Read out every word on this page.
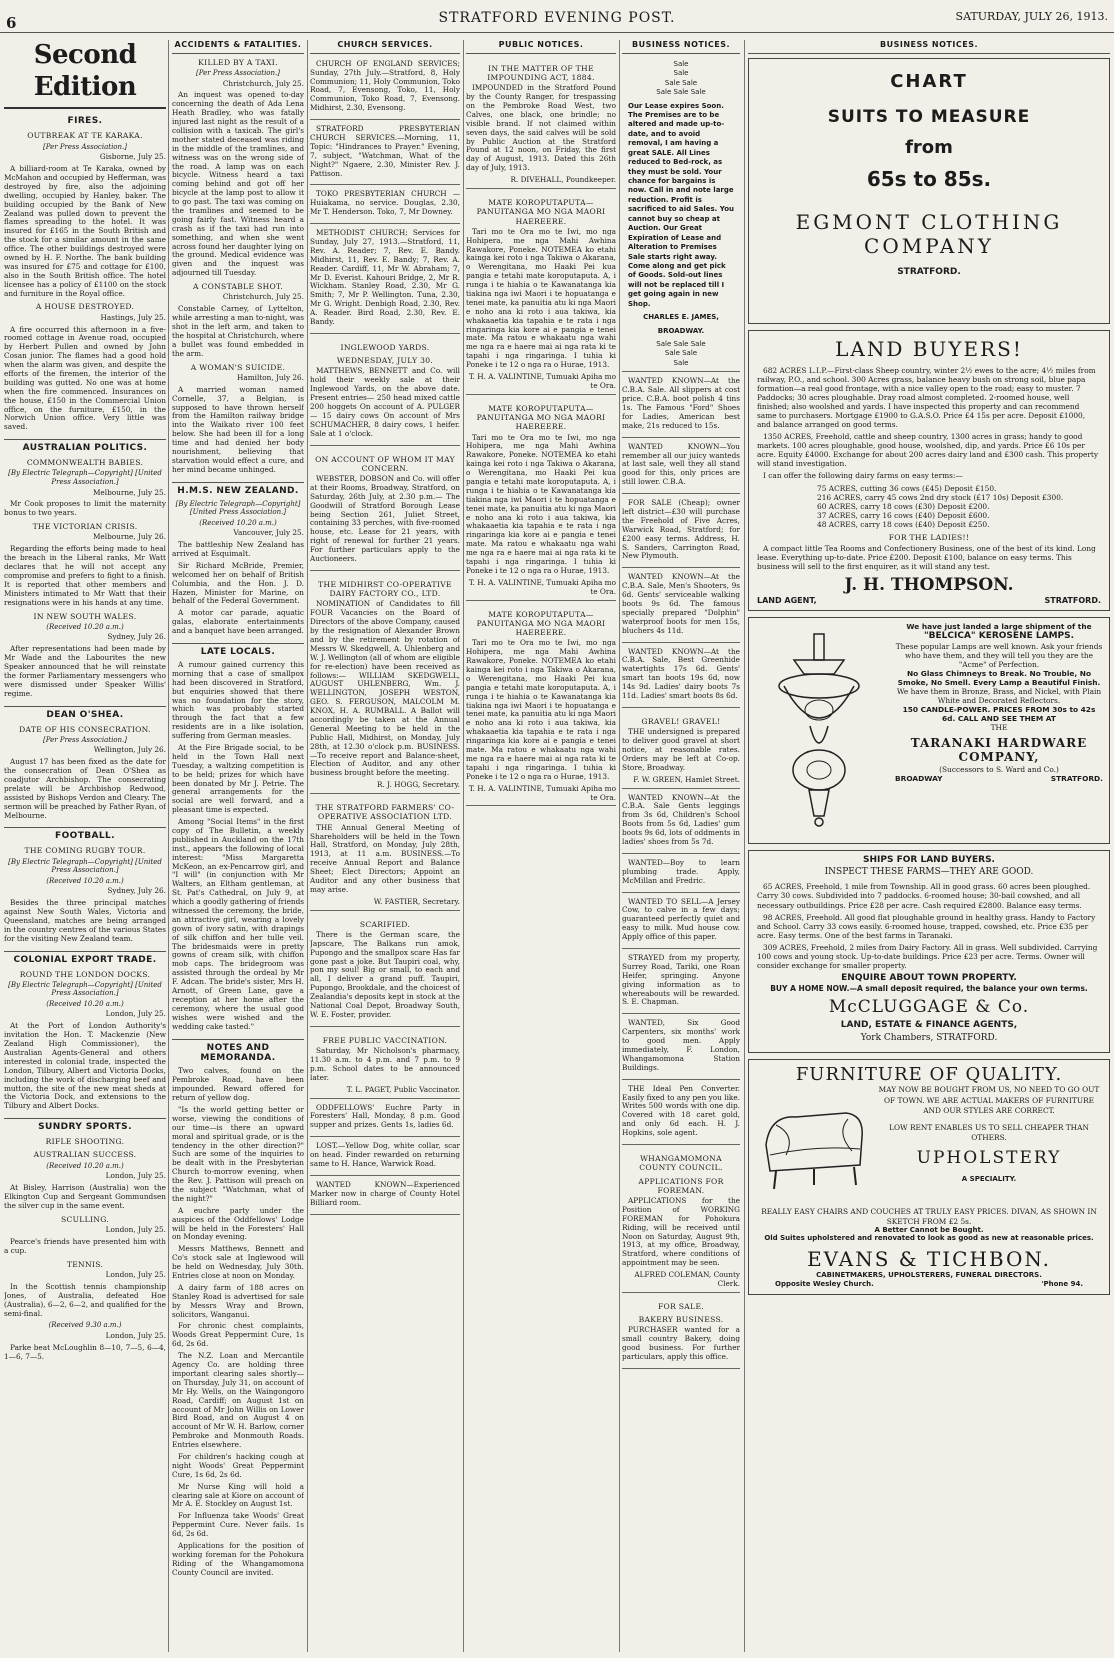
6	STRATFORD EVENING POST.	SATURDAY, JULY 26, 1913.
Second Edition
FIRES.
OUTBREAK AT TE KARAKA.

[Per Press Association.]

Gisborne, July 25.

A billiard-room at Te Karaka, owned by McMahon and occupied by Hefferman, was destroyed by fire, also the adjoining dwelling, occupied by Hanley, baker. The building occupied by the Bank of New Zealand was pulled down to prevent the flames spreading to the hotel. It was insured for £165 in the South British and the stock for a similar amount in the same office. The other buildings destroyed were owned by H. F. Northe. The bank building was insured for £75 and cottage for £100, also in the South British office. The hotel licensee has a policy of £1100 on the stock and furniture in the Royal office.

A HOUSE DESTROYED.

Hastings, July 25.

A fire occurred this afternoon in a five-roomed cottage in Avenue road, occupied by Herbert Pullen and owned by John Cosan junior. The flames had a good hold when the alarm was given, and despite the efforts of the firemen, the interior of the building was gutted. No one was at home when the fire commenced. Insurances on the house, £150 in the Commercial Union office, on the furniture, £150, in the Norwich Union office. Very little was saved.

AUSTRALIAN POLITICS.
COMMONWEALTH BABIES.

[By Electric Telegraph—Copyright] [United Press Association.]

Melbourne, July 25.

Mr Cook proposes to limit the maternity bonus to two years.

THE VICTORIAN CRISIS.

Melbourne, July 26.

Regarding the efforts being made to heal the breach in the Liberal ranks, Mr Watt declares that he will not accept any compromise and prefers to fight to a finish. It is reported that other members and Ministers intimated to Mr Watt that their resignations were in his hands at any time.

IN NEW SOUTH WALES.

(Received 10.20 a.m.)

Sydney, July 26.

After representations had been made by Mr Wade and the Labourites the new Speaker announced that he will reinstate the former Parliamentary messengers who were dismissed under Speaker Willis' regime.

DEAN O'SHEA.
DATE OF HIS CONSECRATION.

[Per Press Association.]

Wellington, July 26.

August 17 has been fixed as the date for the consecration of Dean O'Shea as coadjutor Archbishop. The consecrating prelate will be Archbishop Redwood, assisted by Bishops Verdon and Cleary. The sermon will be preached by Father Ryan, of Melbourne.

FOOTBALL.
THE COMING RUGBY TOUR.

[By Electric Telegraph—Copyright] [United Press Association.]

(Received 10.20 a.m.)

Sydney, July 26.

Besides the three principal matches against New South Wales, Victoria and Queensland, matches are being arranged in the country centres of the various States for the visiting New Zealand team.

COLONIAL EXPORT TRADE.
ROUND THE LONDON DOCKS.

[By Electric Telegraph—Copyright] [United Press Association.]

(Received 10.20 a.m.)

London, July 25.

At the Port of London Authority's invitation the Hon. T. Mackenzie (New Zealand High Commissioner), the Australian Agents-General and others interested in colonial trade, inspected the London, Tilbury, Albert and Victoria Docks, including the work of discharging beef and mutton, the site of the new meat sheds at the Victoria Dock, and extensions to the Tilbury and Albert Docks.

SUNDRY SPORTS.
RIFLE SHOOTING.
AUSTRALIAN SUCCESS.

(Received 10.20 a.m.)

London, July 25.

At Bisley, Harrison (Australia) won the Elkington Cup and Sergeant Gommundsen the silver cup in the same event.

SCULLING.

London, July 25.

Pearce's friends have presented him with a cup.

TENNIS.

London, July 25.

In the Scottish tennis championship Jones, of Australia, defeated Hoe (Australia), 6—2, 6—2, and qualified for the semi-final.

(Received 9.30 a.m.)

London, July 25.

Parke beat McLoughlin 8—10, 7—5, 6—4, 1—6, 7—5.

ACCIDENTS & FATALITIES.
KILLED BY A TAXI.

[Per Press Association.]

Christchurch, July 25.

An inquest was opened to-day concerning the death of Ada Lena Heath Bradley, who was fatally injured last night as the result of a collision with a taxicab. The girl's mother stated deceased was riding in the middle of the tramlines, and witness was on the wrong side of the road. A lamp was on each bicycle. Witness heard a taxi coming behind and got off her bicycle at the lamp post to allow it to go past. The taxi was coming on the tramlines and seemed to be going fairly fast. Witness heard a crash as if the taxi had run into something, and when she went across found her daughter lying on the ground. Medical evidence was given and the inquest was adjourned till Tuesday.

A CONSTABLE SHOT.

Christchurch, July 25.

Constable Carney, of Lyttelton, while arresting a man to-night, was shot in the left arm, and taken to the hospital at Christchurch, where a bullet was found embedded in the arm.

A WOMAN'S SUICIDE.

Hamilton, July 26.

A married woman named Cornelle, 37, a Belgian, is supposed to have thrown herself from the Hamilton railway bridge into the Waikato river 100 feet below. She had been ill for a long time and had denied her body nourishment, believing that starvation would effect a cure, and her mind became unhinged.

H.M.S. NEW ZEALAND.

[By Electric Telegraph—Copyright] [United Press Association.]

(Received 10.20 a.m.)

Vancouver, July 25.

The battleship New Zealand has arrived at Esquimalt.

Sir Richard McBride, Premier, welcomed her on behalf of British Columbia, and the Hon. J. D. Hazen, Minister for Marine, on behalf of the Federal Government.

A motor car parade, aquatic galas, elaborate entertainments and a banquet have been arranged.

LATE LOCALS.

A rumour gained currency this morning that a case of smallpox had been discovered in Stratford, but enquiries showed that there was no foundation for the story, which was probably started through the fact that a few residents are in a like isolation, suffering from German measles.

At the Fire Brigade social, to be held in the Town Hall next Tuesday, a waltzing competition is to be held; prizes for which have been donated by Mr J. Petrie. The general arrangements for the social are well forward, and a pleasant time is expected.

Among "Social Items" in the first copy of The Bulletin, a weekly published in Auckland on the 17th inst., appears the following of local interest: "Miss Margaretta McKeon, an ex-Pencarrow girl, and "I will" (in conjunction with Mr Walters, an Eltham gentleman, at St. Pat's Cathedral, on July 9, at which a goodly gathering of friends witnessed the ceremony, the bride, an attractive girl, wearing a lovely gown of ivory satin, with drapings of silk chiffon and her tulle veil. The bridesmaids were in pretty gowns of cream silk, with chiffon mob caps. The bridegroom was assisted through the ordeal by Mr F. Adcan. The bride's sister, Mrs H. Arnott, of Green Lane, gave a reception at her home after the ceremony, where the usual good wishes were wished and the wedding cake tasted."

NOTES AND MEMORANDA.

Two calves, found on the Pembroke Road, have been impounded. Reward offered for return of yellow dog.

"Is the world getting better or worse, viewing the conditions of our time—is there an upward moral and spiritual grade, or is the tendency in the other direction?" Such are some of the inquiries to be dealt with in the Presbyterian Church to-morrow evening, when the Rev. J. Pattison will preach on the subject "Watchman, what of the night?"

A euchre party under the auspices of the Oddfellows' Lodge will be held in the Foresters' Hall on Monday evening.

Messrs Matthews, Bennett and Co's stock sale at Inglewood will be held on Wednesday, July 30th. Entries close at noon on Monday.

A dairy farm of 188 acres on Stanley Road is advertised for sale by Messrs Wray and Brown, solicitors, Wanganui.

For chronic chest complaints, Woods Great Peppermint Cure, 1s 6d, 2s 6d.

The N.Z. Loan and Mercantile Agency Co. are holding three important clearing sales shortly—on Thursday, July 31, on account of Mr Hy. Wells, on the Waingongoro Road, Cardiff; on August 1st on account of Mr John Willis on Lower Bird Road, and on August 4 on account of Mr W. H. Barlow, corner Pembroke and Monmouth Roads. Entries elsewhere.

For children's hacking cough at night Woods' Great Peppermint Cure, 1s 6d, 2s 6d.

Mr Nurse King will hold a clearing sale at Kiore on account of Mr A. E. Stockley on August 1st.

For Influenza take Woods' Great Peppermint Cure. Never fails. 1s 6d, 2s 6d.

Applications for the position of working foreman for the Pohokura Riding of the Whangamomona County Council are invited.

CHURCH SERVICES.

CHURCH OF ENGLAND SERVICES; Sunday, 27th July.—Stratford, 8, Holy Communion; 11, Holy Communion, Toko Road, 7, Evensong, Toko, 11, Holy Communion, Toko Road, 7, Evensong. Midhirst, 2.30, Evensong.

STRATFORD PRESBYTERIAN CHURCH SERVICES.—Morning, 11, Topic: "Hindrances to Prayer." Evening, 7, subject, "Watchman, What of the Night?" Ngaere, 2.30, Minister Rev. J. Pattison.

TOKO PRESBYTERIAN CHURCH —Huiakama, no service. Douglas, 2.30, Mr T. Henderson. Toko, 7, Mr Downey.

METHODIST CHURCH; Services for Sunday, July 27, 1913.—Stratford, 11, Rev. A. Reader; 7, Rev. E. Bandy. Midhirst, 11, Rev. E. Bandy; 7, Rev. A. Reader. Cardiff, 11, Mr W. Abraham; 7, Mr D. Everist. Kahouri Bridge, 2, Mr R. Wickham. Stanley Road, 2.30, Mr G. Smith; 7, Mr P. Wellington. Tuna, 2.30, Mr G. Wright. Denbigh Road, 2.30, Rev. A. Reader. Bird Road, 2.30, Rev. E. Bandy.

INGLEWOOD YARDS.
WEDNESDAY, JULY 30.

MATTHEWS, BENNETT and Co. will hold their weekly sale at their Inglewood Yards, on the above date. Present entries— 250 head mixed cattle 200 hoggets On account of A. PULGER— 15 dairy cows On account of Mrs SCHUMACHER, 8 dairy cows, 1 heifer. Sale at 1 o'clock.

ON ACCOUNT OF WHOM IT MAY CONCERN.

WEBSTER, DOBSON and Co. will offer at their Rooms, Broadway, Stratford, on Saturday, 26th July, at 2.30 p.m.— The Goodwill of Stratford Borough Lease being Section 261, Juliet Street, containing 33 perches, with five-roomed house, etc. Lease for 21 years, with right of renewal for further 21 years. For further particulars apply to the Auctioneers.

THE MIDHIRST CO-OPERATIVE DAIRY FACTORY CO., LTD.

NOMINATION of Candidates to fill FOUR Vacancies on the Board of Directors of the above Company, caused by the resignation of Alexander Brown and by the retirement by rotation of Messrs W. Skedgwell, A. Uhlenberg and W. J. Wellington (all of whom are eligible for re-election) have been received as follows:— WILLIAM SKEDGWELL, AUGUST UHLENBERG, Wm. J. WELLINGTON, JOSEPH WESTON, GEO. S. FERGUSON, MALCOLM M. KNOX, H. A. RUMBALL. A Ballot will accordingly be taken at the Annual General Meeting to be held in the Public Hall, Midhirst, on Monday, July 28th, at 12.30 o'clock p.m. BUSINESS.—To receive report and Balance-sheet, Election of Auditor, and any other business brought before the meeting.

R. J. HOGG, Secretary.

THE STRATFORD FARMERS' CO-OPERATIVE ASSOCIATION LTD.

THE Annual General Meeting of Shareholders will be held in the Town Hall, Stratford, on Monday, July 28th, 1913, at 11 a.m. BUSINESS.—To receive Annual Report and Balance Sheet; Elect Directors; Appoint an Auditor and any other business that may arise.

W. FASTIER, Secretary.

SCARIFIED.

There is the German scare, the Japscare, The Balkans run amok, Pupongo and the smallpox scare Has far gone past a joke. But Taupiri coal, why, pon my soul! Big or small, to each and all, I deliver a grand puff. Taupiri, Pupongo, Brookdale, and the choicest of Zealandia's deposits kept in stock at the National Coal Depot, Broadway South, W. E. Foster, provider.

FREE PUBLIC VACCINATION.

Saturday, Mr Nicholson's pharmacy, 11.30 a.m. to 4 p.m. and 7 p.m. to 9 p.m. School dates to be announced later.

T. L. PAGET, Public Vaccinator.

ODDFELLOWS' Euchre Party in Foresters' Hall, Monday, 8 p.m. Good supper and prizes. Gents 1s, ladies 6d.

LOST.—Yellow Dog, white collar, scar on head. Finder rewarded on returning same to H. Hance, Warwick Road.

WANTED KNOWN—Experienced Marker now in charge of County Hotel Billiard room.

PUBLIC NOTICES.
IN THE MATTER OF THE IMPOUNDING ACT, 1884.

IMPOUNDED in the Stratford Pound by the County Ranger, for trespassing on the Pembroke Road West, two Calves, one black, one brindle; no visible brand. If not claimed within seven days, the said calves will be sold by Public Auction at the Stratford Pound at 12 noon, on Friday, the first day of August, 1913. Dated this 26th day of July, 1913.

R. DIVEHALL, Poundkeeper.

MATE KOROPUTAPUTA—PANUITANGA MO NGA MAORI HAEREERE.

Tari mo te Ora mo te Iwi, mo nga Hohipera, me nga Mahi Awhina Rawakore, Poneke. NOTEMEA ko etahi kainga kei roto i nga Takiwa o Akarana, o Werengitana, mo Haaki Pei kua pangia e tetahi mate koroputaputa. A, i runga i te hiahia o te Kawanatanga kia tiakina nga iwi Maori i te hopuatanga e tenei mate, ka panuitia atu ki nga Maori e noho ana ki roto i aua takiwa, kia whakaaetia kia tapahia e te rata i nga ringaringa kia kore ai e pangia e tenei mate. Ma ratou e whakaatu nga wahi me nga ra e haere mai ai nga rata ki te tapahi i nga ringaringa. I tuhia ki Poneke i te 12 o nga ra o Hurae, 1913.

T. H. A. VALINTINE, Tumuaki Apiha mo te Ora.

MATE KOROPUTAPUTA—PANUITANGA MO NGA MAORI HAEREERE.

Tari mo te Ora mo te Iwi, mo nga Hohipera, me nga Mahi Awhina Rawakore, Poneke. NOTEMEA ko etahi kainga kei roto i nga Takiwa o Akarana, o Werengitana, mo Haaki Pei kua pangia e tetahi mate koroputaputa. A, i runga i te hiahia o te Kawanatanga kia tiakina nga iwi Maori i te hopuatanga e tenei mate, ka panuitia atu ki nga Maori e noho ana ki roto i aua takiwa, kia whakaaetia kia tapahia e te rata i nga ringaringa kia kore ai e pangia e tenei mate. Ma ratou e whakaatu nga wahi me nga ra e haere mai ai nga rata ki te tapahi i nga ringaringa. I tuhia ki Poneke i te 12 o nga ra o Hurae, 1913.

T. H. A. VALINTINE, Tumuaki Apiha mo te Ora.

MATE KOROPUTAPUTA—PANUITANGA MO NGA MAORI HAEREERE.

Tari mo te Ora mo te Iwi, mo nga Hohipera, me nga Mahi Awhina Rawakore, Poneke. NOTEMEA ko etahi kainga kei roto i nga Takiwa o Akarana, o Werengitana, mo Haaki Pei kua pangia e tetahi mate koroputaputa. A, i runga i te hiahia o te Kawanatanga kia tiakina nga iwi Maori i te hopuatanga e tenei mate, ka panuitia atu ki nga Maori e noho ana ki roto i aua takiwa, kia whakaaetia kia tapahia e te rata i nga ringaringa kia kore ai e pangia e tenei mate. Ma ratou e whakaatu nga wahi me nga ra e haere mai ai nga rata ki te tapahi i nga ringaringa. I tuhia ki Poneke i te 12 o nga ra o Hurae, 1913.

T. H. A. VALINTINE, Tumuaki Apiha mo te Ora.

BUSINESS NOTICES.
Sale
Sale
Sale Sale
Sale Sale Sale
Our Lease expires Soon. The Premises are to be altered and made up-to-date, and to avoid removal, I am having a great SALE. All Lines reduced to Bed-rock, as they must be sold. Your chance for bargains is now. Call in and note large reduction. Profit is sacrificed to aid Sales. You cannot buy so cheap at Auction. Our Great Expiration of Lease and Alteration to Premises Sale starts right away. Come along and get pick of Goods. Sold-out lines will not be replaced till I get going again in new Shop.
CHARLES E. JAMES,
BROADWAY.
Sale Sale Sale
Sale Sale
Sale

WANTED KNOWN—At the C.B.A. Sale. All slippers at cost price. C.B.A. boot polish 4 tins 1s. The Famous "Ford" Shoes for Ladies, American best make, 21s reduced to 15s.

WANTED KNOWN—You remember all our juicy wanteds at last sale, well they all stand good for this, only prices are still lower. C.B.A.

FOR SALE (Cheap); owner left district—£30 will purchase the Freehold of Five Acres, Warwick Road, Stratford; for £200 easy terms. Address, H. S. Sanders, Carrington Road, New Plymouth.

WANTED KNOWN—At the C.B.A. Sale, Men's Shooters, 9s 6d. Gents' serviceable walking boots 9s 6d. The famous specially prepared "Dolphin" waterproof boots for men 15s, bluchers 4s 11d.

WANTED KNOWN—At the C.B.A. Sale, Best Greenhide watertights 17s 6d. Gents' smart tan boots 19s 6d, now 14s 9d. Ladies' dairy boots 7s 11d. Ladies' smart boots 8s 6d.

GRAVEL! GRAVEL!

THE undersigned is prepared to deliver good gravel at short notice, at reasonable rates. Orders may be left at Co-op. Store, Broadway.

F. W. GREEN, Hamlet Street.

WANTED KNOWN—At the C.B.A. Sale Gents leggings from 3s 6d, Children's School Boots from 5s 6d, Ladies' gum boots 9s 6d, lots of oddments in ladies' shoes from 5s 7d.

WANTED—Boy to learn plumbing trade. Apply, McMillan and Fredric.

WANTED TO SELL—A Jersey Cow, to calve in a few days; guaranteed perfectly quiet and easy to milk. Mud house cow. Apply office of this paper.

STRAYED from my property, Surrey Road, Tariki, one Roan Heifer, springing. Anyone giving information as to whereabouts will be rewarded. S. E. Chapman.

WANTED, Six Good Carpenters, six months' work to good men. Apply immediately, F. London, Whangamomona Station Buildings.

THE Ideal Pen Converter. Easily fixed to any pen you like. Writes 500 words with one dip. Covered with 18 caret gold, and only 6d each. H. J. Hopkins, sole agent.

WHANGAMOMONA COUNTY COUNCIL.
APPLICATIONS FOR FOREMAN.

APPLICATIONS for the Position of WORKING FOREMAN for Pohokura Riding, will be received until Noon on Saturday, August 9th, 1913, at my office, Broadway, Stratford, where conditions of appointment may be seen.

ALFRED COLEMAN, County Clerk.

FOR SALE.
BAKERY BUSINESS.

PURCHASER wanted for a small country Bakery, doing good business. For further particulars, apply this office.

BUSINESS NOTICES.
CHART
SUITS TO MEASURE
from
65s to 85s.
EGMONT CLOTHING COMPANY
STRATFORD.
LAND BUYERS!

682 ACRES L.I.P.—First-class Sheep country, winter 2½ ewes to the acre; 4½ miles from railway, P.O., and school. 300 Acres grass, balance heavy bush on strong soil, blue papa formation—a real good frontage, with a nice valley open to the road; easy to muster. 7 Paddocks; 30 acres ploughable. Dray road almost completed. 2-roomed house, well finished; also woolshed and yards. I have inspected this property and can recommend same to purchasers. Mortgage £1900 to G.A.S.O. Price £4 15s per acre. Deposit £1000, and balance arranged on good terms.

1350 ACRES, Freehold, cattle and sheep country, 1300 acres in grass; handy to good markets. 100 acres ploughable, good house, woolshed, dip, and yards. Price £6 10s per acre. Equity £4000. Exchange for about 200 acres dairy land and £300 cash. This property will stand investigation.

I can offer the following dairy farms on easy terms:—

75 ACRES, cutting 36 cows (£45) Deposit £150.
216 ACRES, carry 45 cows 2nd dry stock (£17 10s) Deposit £300.
60 ACRES, carry 18 cows (£30) Deposit £200.
37 ACRES, carry 16 cows (£40) Deposit £600.
48 ACRES, carry 18 cows (£40) Deposit £250.
FOR THE LADIES!!

A compact little Tea Rooms and Confectionery Business, one of the best of its kind. Long lease. Everything up-to-date. Price £200. Deposit £100, balance on easy terms. This business will sell to the first enquirer, as it will stand any test.

J. H. THOMPSON.
LAND AGENT,	STRATFORD.
We have just landed a large shipment of the
"BELCICA" KEROSENE LAMPS.
These popular Lamps are well known. Ask your friends who have them, and they will tell you they are the "Acme" of Perfection.
No Glass Chimneys to Break. No Trouble, No Smoke, No Smell. Every Lamp a Beautiful Finish.
We have them in Bronze, Brass, and Nickel, with Plain White and Decorated Reflectors.
150 CANDLE-POWER. PRICES FROM 30s to 42s 6d. CALL AND SEE THEM AT
THE
TARANAKI HARDWARE COMPANY,
(Successors to S. Ward and Co.)
BROADWAY	STRATFORD.
SHIPS FOR LAND BUYERS.
INSPECT THESE FARMS—THEY ARE GOOD.

65 ACRES, Freehold, 1 mile from Township. All in good grass. 60 acres been ploughed. Carry 30 cows. Subdivided into 7 paddocks. 6-roomed house; 30-bail cowshed, and all necessary outbuildings. Price £28 per acre. Cash required £2800. Balance easy terms.

98 ACRES, Freehold. All good flat ploughable ground in healthy grass. Handy to Factory and School. Carry 33 cows easily. 6-roomed house, trapped, cowshed, etc. Price £35 per acre. Easy terms. One of the best farms in Taranaki.

309 ACRES, Freehold, 2 miles from Dairy Factory. All in grass. Well subdivided. Carrying 100 cows and young stock. Up-to-date buildings. Price £23 per acre. Terms. Owner will consider exchange for smaller property.

ENQUIRE ABOUT TOWN PROPERTY.
BUY A HOME NOW.—A small deposit required, the balance your own terms.
McCLUGGAGE & Co.
LAND, ESTATE & FINANCE AGENTS,
York Chambers, STRATFORD.
FURNITURE OF QUALITY.
MAY NOW BE BOUGHT FROM US, NO NEED TO GO OUT OF TOWN. WE ARE ACTUAL MAKERS OF FURNITURE AND OUR STYLES ARE CORRECT.
LOW RENT ENABLES US TO SELL CHEAPER THAN OTHERS.
UPHOLSTERY
A SPECIALITY.
REALLY EASY CHAIRS AND COUCHES AT TRULY EASY PRICES. DIVAN, AS SHOWN IN SKETCH FROM £2 5s.
A Better Cannot be Bought.
Old Suites upholstered and renovated to look as good as new at reasonable prices.
EVANS & TICHBON.
CABINETMAKERS, UPHOLSTERERS, FUNERAL DIRECTORS.
Opposite Wesley Church.	'Phone 94.
